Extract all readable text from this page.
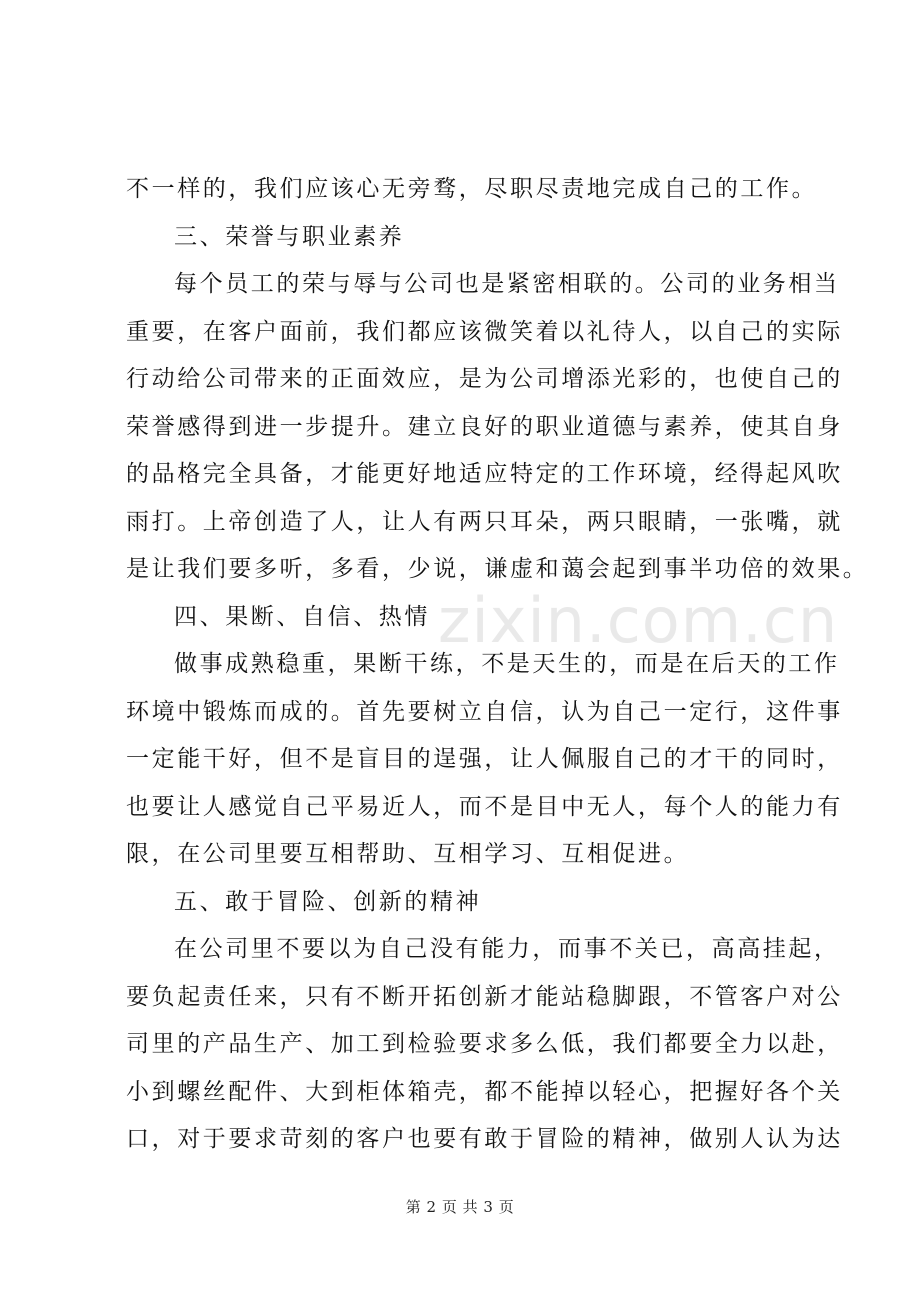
zixin.com.cn
不一样的，我们应该心无旁骛，尽职尽责地完成自己的工作。
三、荣誉与职业素养
每个员工的荣与辱与公司也是紧密相联的。公司的业务相当
重要，在客户面前，我们都应该微笑着以礼待人，以自己的实际
行动给公司带来的正面效应，是为公司增添光彩的，也使自己的
荣誉感得到进一步提升。建立良好的职业道德与素养，使其自身
的品格完全具备，才能更好地适应特定的工作环境，经得起风吹
雨打。上帝创造了人，让人有两只耳朵，两只眼睛，一张嘴，就
是让我们要多听，多看，少说，谦虚和蔼会起到事半功倍的效果。
四、果断、自信、热情
做事成熟稳重，果断干练，不是天生的，而是在后天的工作
环境中锻炼而成的。首先要树立自信，认为自己一定行，这件事
一定能干好，但不是盲目的逞强，让人佩服自己的才干的同时，
也要让人感觉自己平易近人，而不是目中无人，每个人的能力有
限，在公司里要互相帮助、互相学习、互相促进。
五、敢于冒险、创新的精神
在公司里不要以为自己没有能力，而事不关已，高高挂起，
要负起责任来，只有不断开拓创新才能站稳脚跟，不管客户对公
司里的产品生产、加工到检验要求多么低，我们都要全力以赴，
小到螺丝配件、大到柜体箱壳，都不能掉以轻心，把握好各个关
口，对于要求苛刻的客户也要有敢于冒险的精神，做别人认为达
第 2 页 共 3 页
